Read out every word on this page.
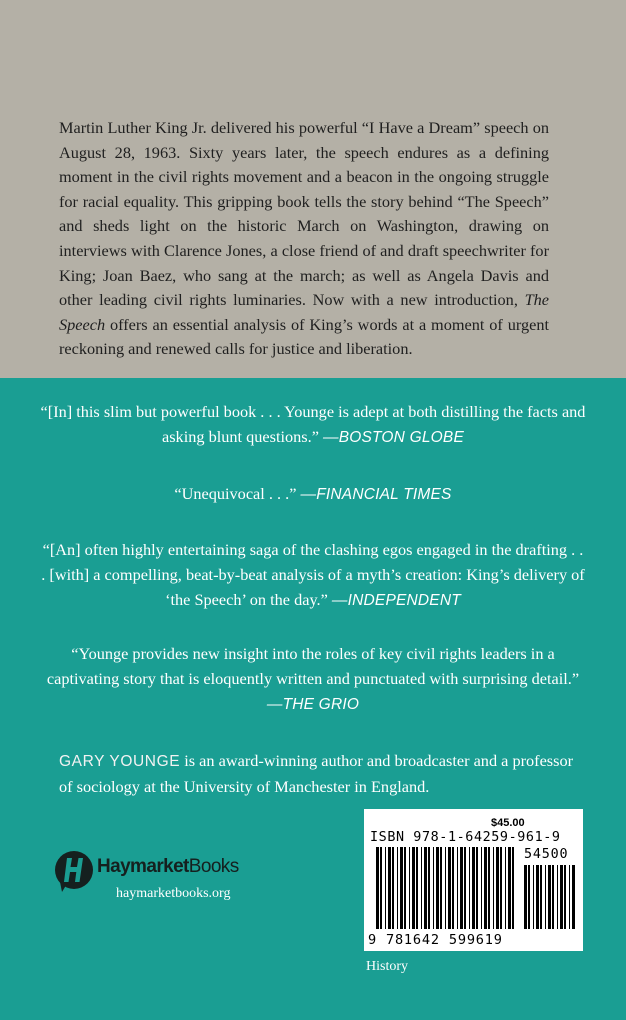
Martin Luther King Jr. delivered his powerful “I Have a Dream” speech on August 28, 1963. Sixty years later, the speech endures as a defining moment in the civil rights movement and a beacon in the ongoing struggle for racial equality. This gripping book tells the story behind “The Speech” and sheds light on the historic March on Washington, drawing on interviews with Clarence Jones, a close friend of and draft speechwriter for King; Joan Baez, who sang at the march; as well as Angela Davis and other leading civil rights luminaries. Now with a new introduction, The Speech offers an essential analysis of King’s words at a moment of urgent reckoning and renewed calls for justice and liberation.

“[In] this slim but powerful book . . . Younge is adept at both distilling the facts and asking blunt questions.” —BOSTON GLOBE
“Unequivocal . . .” —FINANCIAL TIMES
“[An] often highly entertaining saga of the clashing egos engaged in the drafting . . . [with] a compelling, beat-by-beat analysis of a myth’s creation: King’s delivery of ‘the Speech’ on the day.” —INDEPENDENT
“Younge provides new insight into the roles of key civil rights leaders in a captivating story that is eloquently written and punctuated with surprising detail.” —THE GRIO
GARY YOUNGE is an award-winning author and broadcaster and a professor of sociology at the University of Manchester in England.
HaymarketBooks
haymarketbooks.org
$45.00
ISBN 978-1-64259-961-9
54500
9 781642 599619
History
